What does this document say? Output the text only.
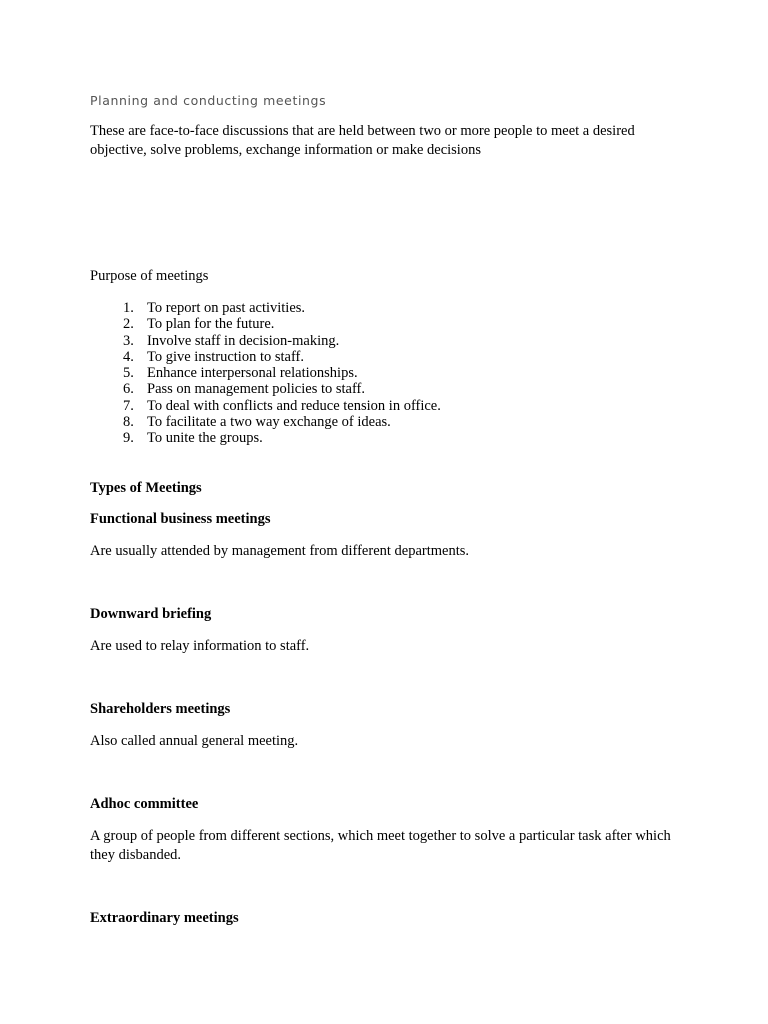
Planning and conducting meetings

These are face-to-face discussions that are held between two or more people to meet a desired objective, solve problems, exchange information or make decisions

Purpose of meetings

1. To report on past activities.
2. To plan for the future.
3. Involve staff in decision-making.
4. To give instruction to staff.
5. Enhance interpersonal relationships.
6. Pass on management policies to staff.
7. To deal with conflicts and reduce tension in office.
8. To facilitate a two way exchange of ideas.
9. To unite the groups.

Types of Meetings

Functional business meetings

Are usually attended by management from different departments.

Downward briefing

Are used to relay information to staff.

Shareholders meetings

Also called annual general meeting.

Adhoc committee

A group of people from different sections, which meet together to solve a particular task after which they disbanded.

Extraordinary meetings
